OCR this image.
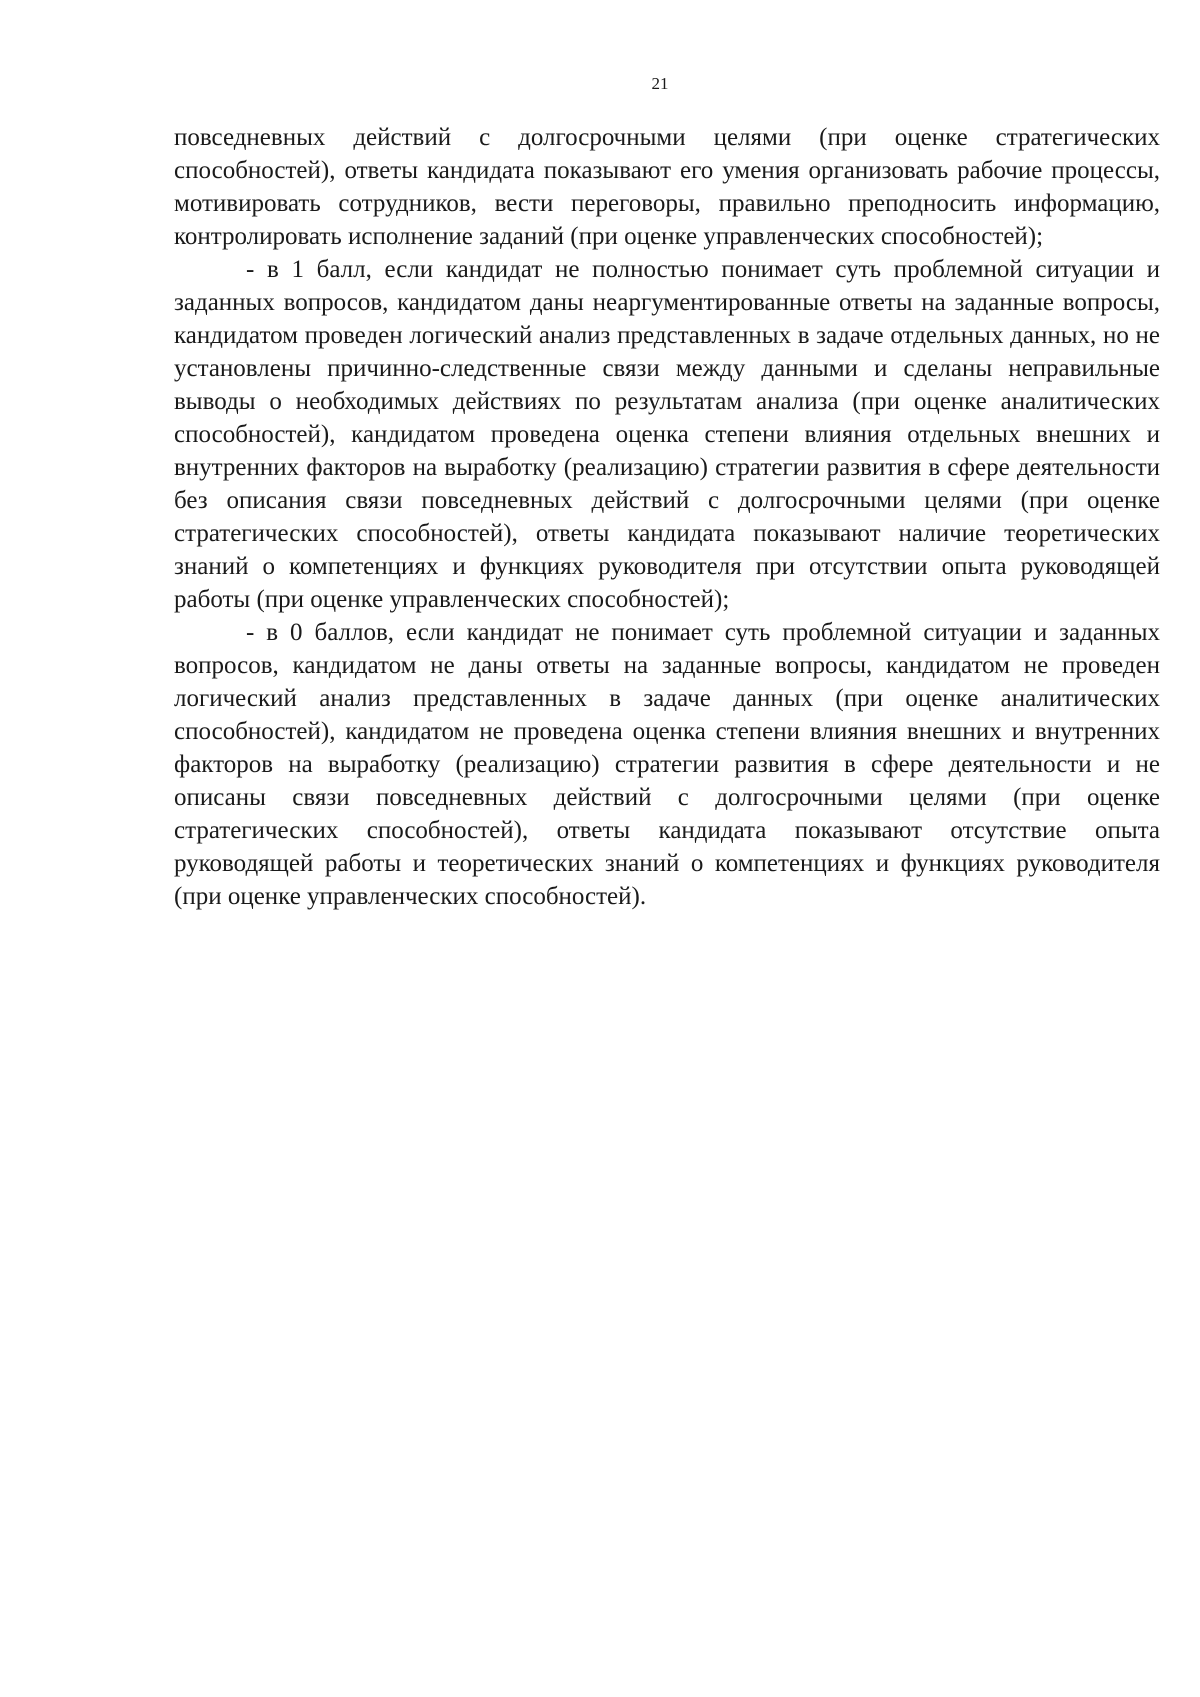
21

повседневных действий с долгосрочными целями (при оценке стратегических способностей), ответы кандидата показывают его умения организовать рабочие процессы, мотивировать сотрудников, вести переговоры, правильно преподносить информацию, контролировать исполнение заданий (при оценке управленческих способностей);

- в 1 балл, если кандидат не полностью понимает суть проблемной ситуации и заданных вопросов, кандидатом даны неаргументированные ответы на заданные вопросы, кандидатом проведен логический анализ представленных в задаче отдельных данных, но не установлены причинно-следственные связи между данными и сделаны неправильные выводы о необходимых действиях по результатам анализа (при оценке аналитических способностей), кандидатом проведена оценка степени влияния отдельных внешних и внутренних факторов на выработку (реализацию) стратегии развития в сфере деятельности без описания связи повседневных действий с долгосрочными целями (при оценке стратегических способностей), ответы кандидата показывают наличие теоретических знаний о компетенциях и функциях руководителя при отсутствии опыта руководящей работы (при оценке управленческих способностей);

- в 0 баллов, если кандидат не понимает суть проблемной ситуации и заданных вопросов, кандидатом не даны ответы на заданные вопросы, кандидатом не проведен логический анализ представленных в задаче данных (при оценке аналитических способностей), кандидатом не проведена оценка степени влияния внешних и внутренних факторов на выработку (реализацию) стратегии развития в сфере деятельности и не описаны связи повседневных действий с долгосрочными целями (при оценке стратегических способностей), ответы кандидата показывают отсутствие опыта руководящей работы и теоретических знаний о компетенциях и функциях руководителя (при оценке управленческих способностей).
